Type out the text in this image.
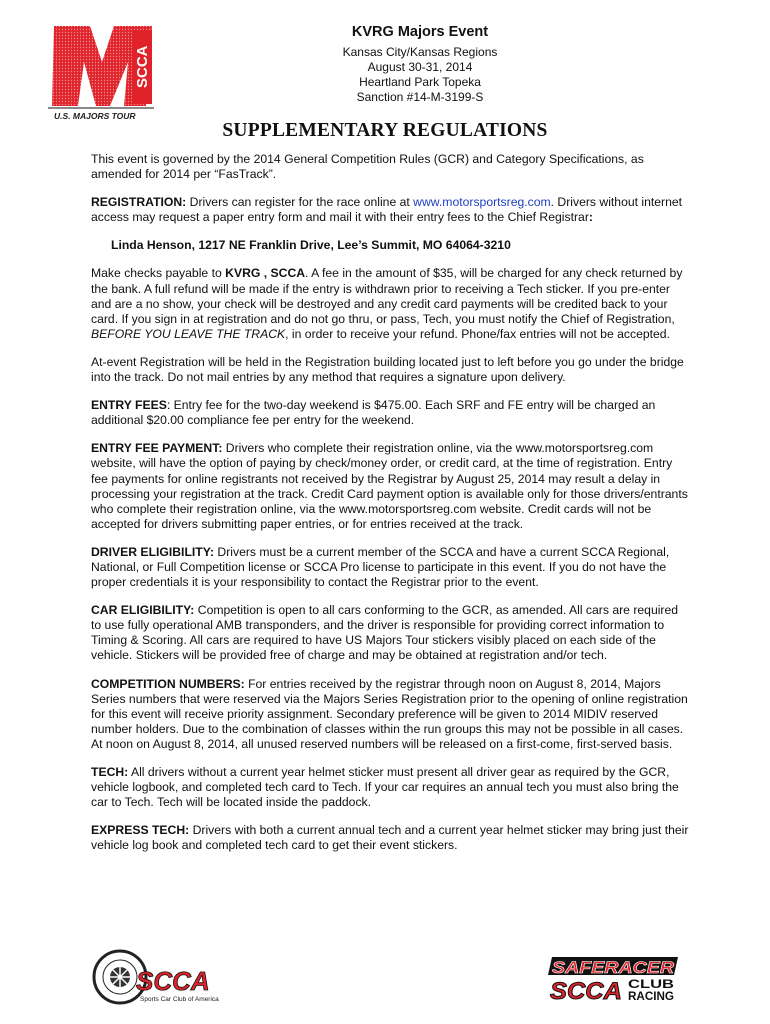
SCCA
U.S. MAJORS TOUR
KVRG Majors Event
Kansas City/Kansas Regions
August 30-31, 2014
Heartland Park Topeka
Sanction #14-M-3199-S
SUPPLEMENTARY REGULATIONS

This event is governed by the 2014 General Competition Rules (GCR) and Category Specifications, as amended for 2014 per “FasTrack”.

REGISTRATION: Drivers can register for the race online at www.motorsportsreg.com. Drivers without internet access may request a paper entry form and mail it with their entry fees to the Chief Registrar:

Linda Henson, 1217 NE Franklin Drive, Lee’s Summit, MO 64064-3210

Make checks payable to KVRG , SCCA. A fee in the amount of $35, will be charged for any check returned by the bank. A full refund will be made if the entry is withdrawn prior to receiving a Tech sticker. If you pre-enter and are a no show, your check will be destroyed and any credit card payments will be credited back to your card. If you sign in at registration and do not go thru, or pass, Tech, you must notify the Chief of Registration, BEFORE YOU LEAVE THE TRACK, in order to receive your refund. Phone/fax entries will not be accepted.

At-event Registration will be held in the Registration building located just to left before you go under the bridge into the track. Do not mail entries by any method that requires a signature upon delivery.

ENTRY FEES: Entry fee for the two-day weekend is $475.00. Each SRF and FE entry will be charged an additional $20.00 compliance fee per entry for the weekend.

ENTRY FEE PAYMENT: Drivers who complete their registration online, via the www.motorsportsreg.com website, will have the option of paying by check/money order, or credit card, at the time of registration. Entry fee payments for online registrants not received by the Registrar by August 25, 2014 may result a delay in processing your registration at the track. Credit Card payment option is available only for those drivers/entrants who complete their registration online, via the www.motorsportsreg.com website. Credit cards will not be accepted for drivers submitting paper entries, or for entries received at the track.

DRIVER ELIGIBILITY: Drivers must be a current member of the SCCA and have a current SCCA Regional, National, or Full Competition license or SCCA Pro license to participate in this event. If you do not have the proper credentials it is your responsibility to contact the Registrar prior to the event.

CAR ELIGIBILITY: Competition is open to all cars conforming to the GCR, as amended. All cars are required to use fully operational AMB transponders, and the driver is responsible for providing correct information to Timing & Scoring. All cars are required to have US Majors Tour stickers visibly placed on each side of the vehicle. Stickers will be provided free of charge and may be obtained at registration and/or tech.

COMPETITION NUMBERS: For entries received by the registrar through noon on August 8, 2014, Majors Series numbers that were reserved via the Majors Series Registration prior to the opening of online registration for this event will receive priority assignment. Secondary preference will be given to 2014 MIDIV reserved number holders. Due to the combination of classes within the run groups this may not be possible in all cases. At noon on August 8, 2014, all unused reserved numbers will be released on a first-come, first-served basis.

TECH: All drivers without a current year helmet sticker must present all driver gear as required by the GCR, vehicle logbook, and completed tech card to Tech. If your car requires an annual tech you must also bring the car to Tech. Tech will be located inside the paddock.

EXPRESS TECH: Drivers with both a current annual tech and a current year helmet sticker may bring just their vehicle log book and completed tech card to get their event stickers.

SCCA
Sports Car Club of America
SAFERACER
SCCA CLUB
RACING
